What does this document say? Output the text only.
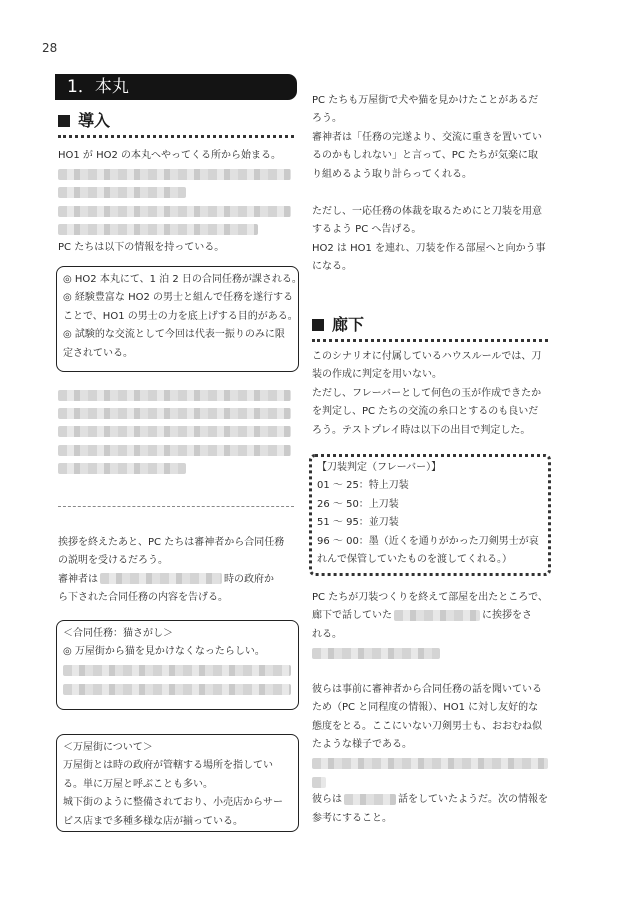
28
1．本丸
導入
HO1 が HO2 の本丸へやってくる所から始まる。
PC たちは以下の情報を持っている。
◎ HO2 本丸にて、1 泊 2 日の合同任務が課される。
◎ 経験豊富な HO2 の男士と組んで任務を遂行する
ことで、HO1 の男士の力を底上げする目的がある。
◎ 試験的な交流として今回は代表一振りのみに限
定されている。
挨拶を終えたあと、PC たちは審神者から合同任務
の説明を受けるだろう。
審神者は	時の政府か
ら下された合同任務の内容を告げる。
＜合同任務：猫さがし＞
◎ 万屋街から猫を見かけなくなったらしい。
＜万屋街について＞
万屋街とは時の政府が管轄する場所を指してい
る。単に万屋と呼ぶことも多い。
城下街のように整備されており、小売店からサー
ビス店まで多種多様な店が揃っている。
PC たちも万屋街で犬や猫を見かけたことがあるだ
ろう。
審神者は「任務の完遂より、交流に重きを置いてい
るのかもしれない」と言って、PC たちが気楽に取
り組めるよう取り計らってくれる。
ただし、一応任務の体裁を取るためにと刀装を用意
するよう PC へ告げる。
HO2 は HO1 を連れ、刀装を作る部屋へと向かう事
になる。
廊下
このシナリオに付属しているハウスルールでは、刀
装の作成に判定を用いない。
ただし、フレーバーとして何色の玉が作成できたか
を判定し、PC たちの交流の糸口とするのも良いだ
ろう。テストプレイ時は以下の出目で判定した。
【刀装判定（フレーバー）】
01 〜 25：特上刀装
26 〜 50：上刀装
51 〜 95：並刀装
96 〜 00：墨（近くを通りがかった刀剣男士が哀
れんで保管していたものを渡してくれる。）
PC たちが刀装つくりを終えて部屋を出たところで、
廊下で話していた	に挨拶をさ
れる。
彼らは事前に審神者から合同任務の話を聞いている
ため（PC と同程度の情報）、HO1 に対し友好的な
態度をとる。ここにいない刀剣男士も、おおむね似
たような様子である。
彼らは	話をしていたようだ。次の情報を
参考にすること。
